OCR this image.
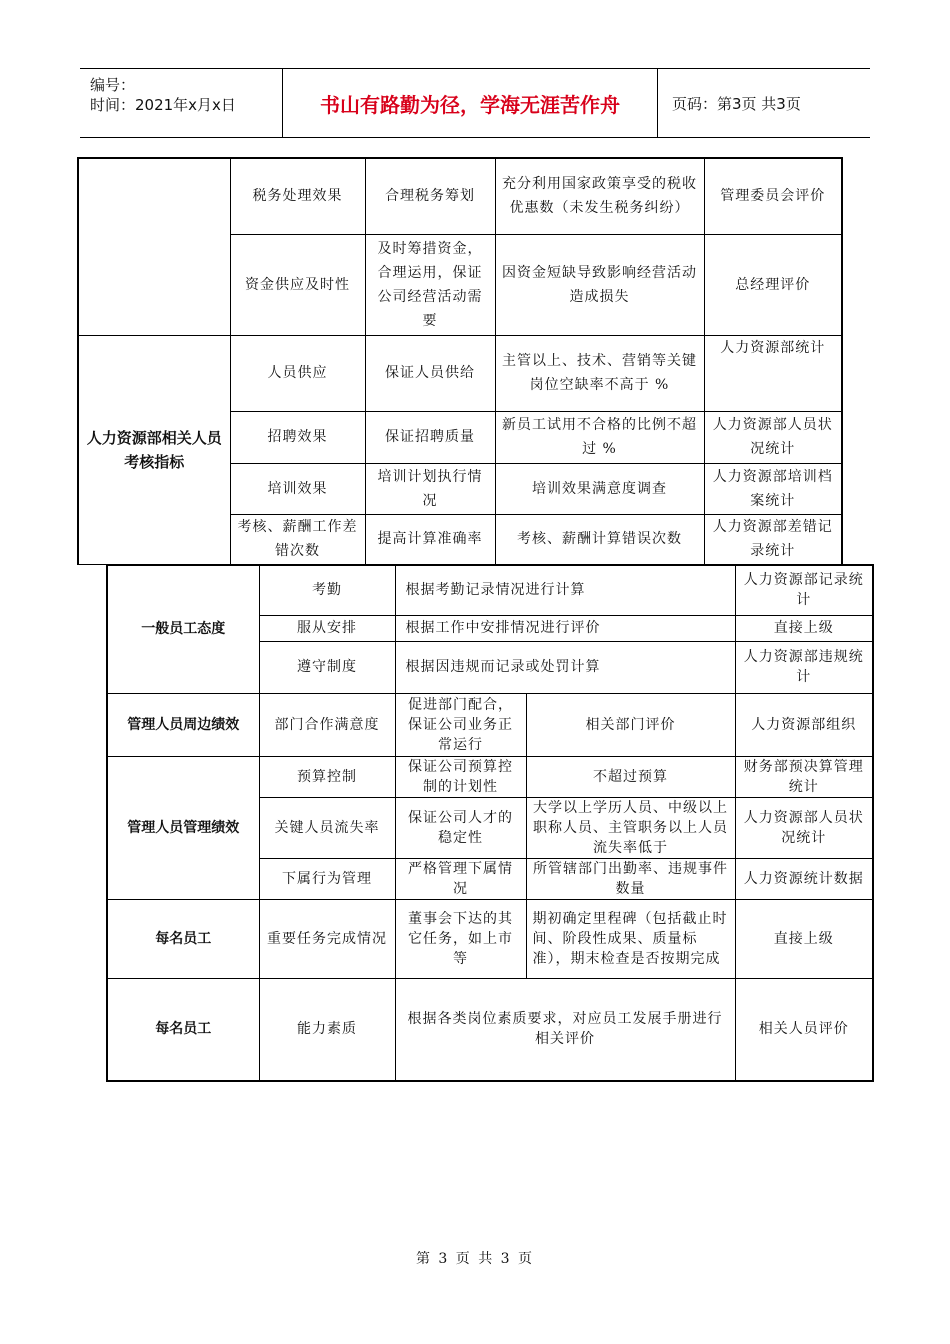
编号：
时间：2021年x月x日	书山有路勤为径，学海无涯苦作舟	页码：第3页 共3页
	税务处理效果	合理税务筹划	充分利用国家政策享受的税收优惠数（未发生税务纠纷）	管理委员会评价
	资金供应及时性	及时筹措资金，合理运用，保证公司经营活动需要	因资金短缺导致影响经营活动造成损失	总经理评价
人力资源部相关人员考核指标	人员供应	保证人员供给	主管以上、技术、营销等关键岗位空缺率不高于 %	人力资源部统计
	招聘效果	保证招聘质量	新员工试用不合格的比例不超过 %	人力资源部人员状况统计
	培训效果	培训计划执行情况	培训效果满意度调查	人力资源部培训档案统计
	考核、薪酬工作差错次数	提高计算准确率	考核、薪酬计算错误次数	人力资源部差错记录统计
一般员工态度	考勤	根据考勤记录情况进行计算		人力资源部记录统计
	服从安排	根据工作中安排情况进行评价		直接上级
	遵守制度	根据因违规而记录或处罚计算		人力资源部违规统计
管理人员周边绩效	部门合作满意度	促进部门配合，保证公司业务正常运行	相关部门评价	人力资源部组织
管理人员管理绩效	预算控制	保证公司预算控制的计划性	不超过预算	财务部预决算管理统计
	关键人员流失率	保证公司人才的稳定性	大学以上学历人员、中级以上职称人员、主管职务以上人员流失率低于	人力资源部人员状况统计
	下属行为管理	严格管理下属情况	所管辖部门出勤率、违规事件数量	人力资源统计数据
每名员工	重要任务完成情况	董事会下达的其它任务，如上市等	期初确定里程碑（包括截止时间、阶段性成果、质量标准），期末检查是否按期完成	直接上级
每名员工	能力素质	根据各类岗位素质要求，对应员工发展手册进行相关评价		相关人员评价
第 3 页 共 3 页
